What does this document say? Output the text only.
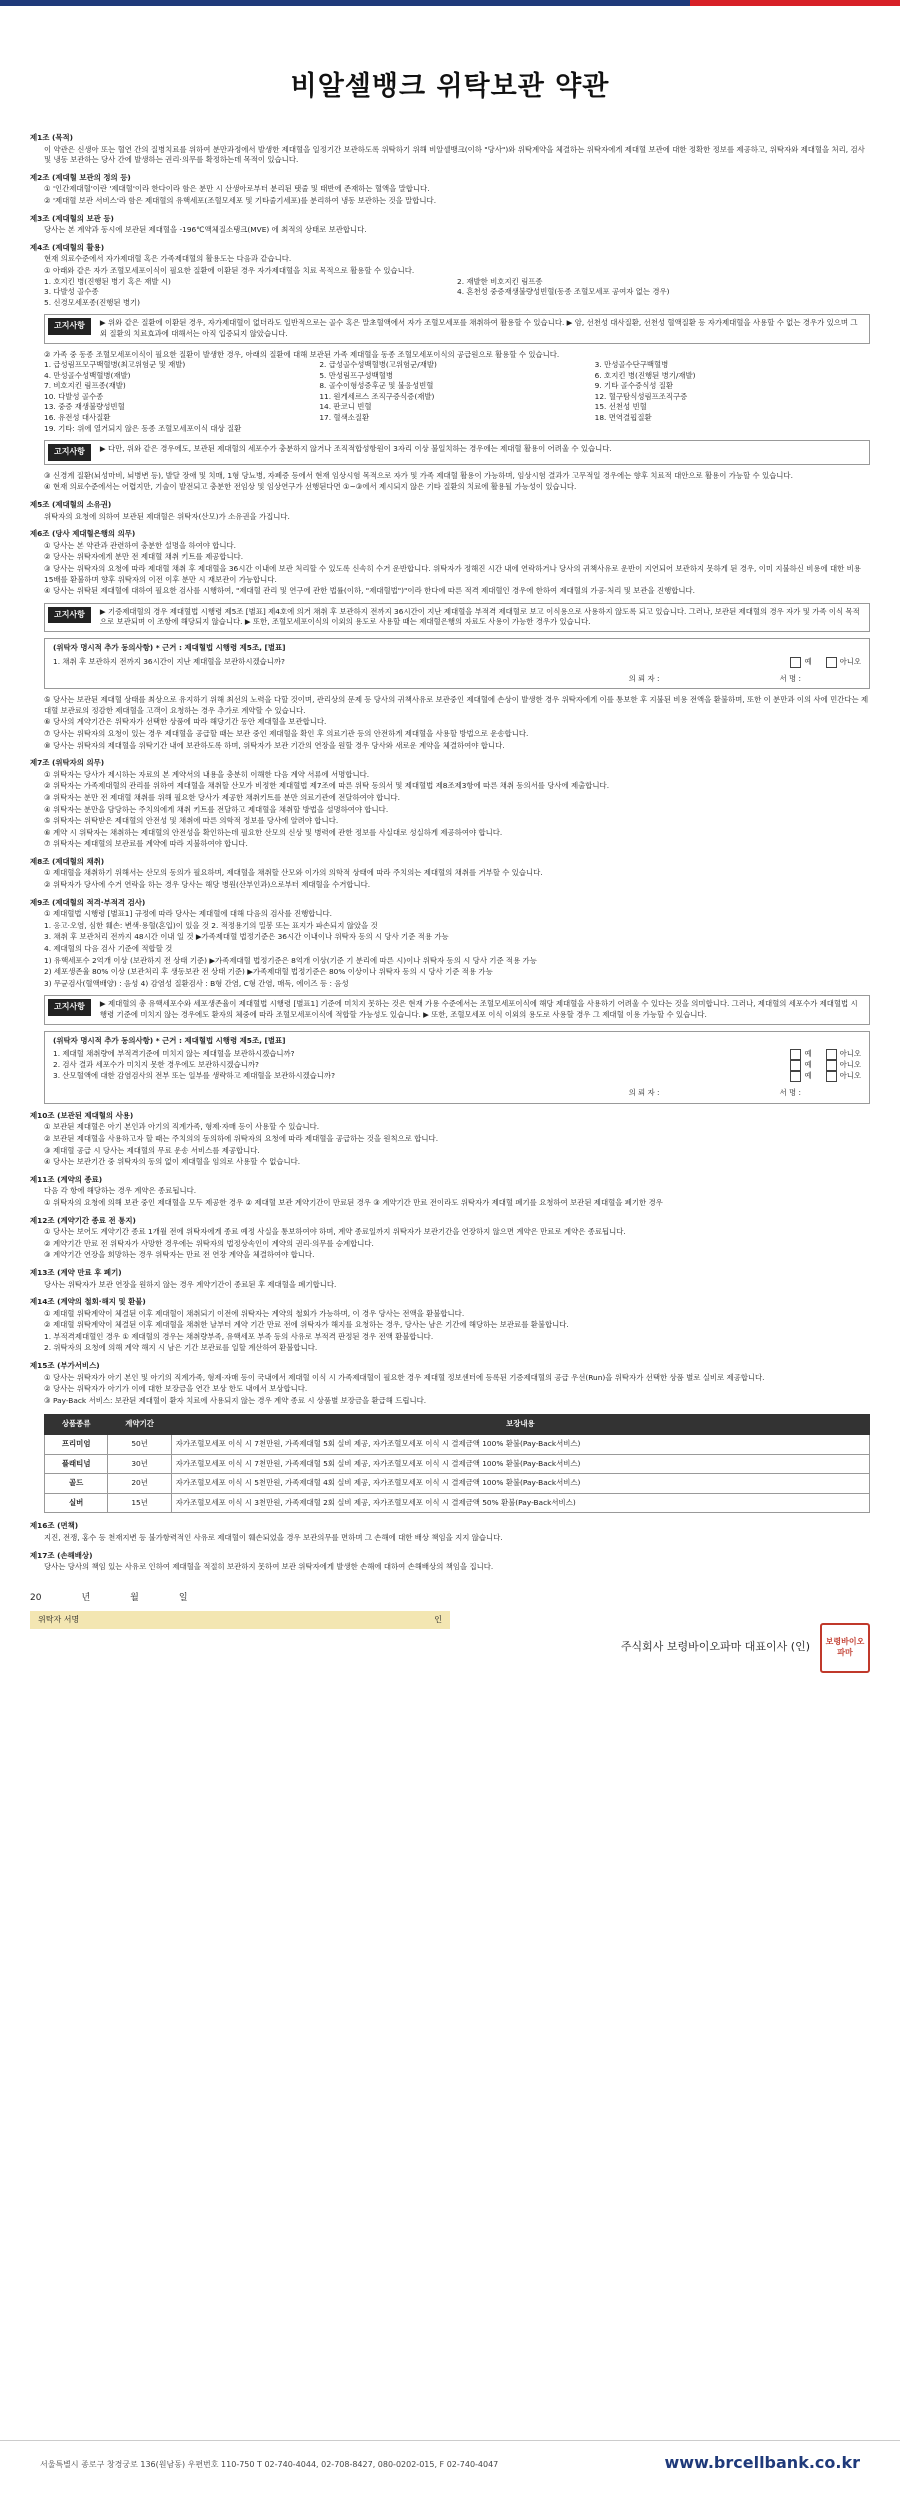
비알셀뱅크 위탁보관 약관
제1조 (목적)
이 약관은 신생아 또는 혈연 간의 질병치료를 위하여 분만과정에서 발생한 제대혈을 일정기간 보관하도록 위탁하기 위해 비알셀뱅크(이하 "당사")와 위탁계약을 체결하는 위탁자에게 제대혈 보관에 대한 정확한 정보를 제공하고, 위탁자와 제대혈을 처리, 검사 및 냉동 보관하는 당사 간에 발생하는 권리·의무를 확정하는데 목적이 있습니다.
제2조 (제대혈 보관의 정의 등)
① '인간제대혈'이란 '제대혈'이라 한다이라 함은 분만 시 산생아로부터 분리된 탯줄 및 태반에 존재하는 혈액을 말합니다.
② '제대혈 보관 서비스'라 함은 제대혈의 유핵세포(조혈모세포 및 기타줄기세포)를 분리하여 냉동 보관하는 것을 말합니다.
제3조 (제대혈의 보관 등)
당사는 본 계약과 동시에 보관된 제대혈을 -196℃액체질소탱크(MVE) 에 최적의 상태로 보관합니다.
제4조 (제대혈의 활용)
현재 의료수준에서 자가제대혈 혹은 가족제대혈의 활용도는 다음과 같습니다.
① 아래와 같은 자가 조혈모세포이식이 필요한 질환에 이환된 경우 자가제대혈을 치료 목적으로 활용할 수 있습니다.
1. 호지킨 병(진행된 병기 혹은 재발 시)	2. 재발한 비호지킨 림프종
3. 다발성 골수종	4. 혼천성 중증재생불량성빈혈(동종 조혈모세포 공여자 없는 경우)
5. 신경모세포종(진행된 병기)
고지사항	▶ 위와 같은 질환에 이환된 경우, 자가제대혈이 없더라도 일반적으로는 골수 혹은 말초혈액에서 자가 조혈모세포를 채취하여 활용할 수 있습니다. ▶ 암, 선천성 대사질환, 선천성 혈액질환 등 자가제대혈을 사용할 수 없는 경우가 있으며 그 외 질환의 치료효과에 대해서는 아직 입증되지 않았습니다.
② 가족 중 동종 조혈모세포이식이 필요한 질환이 발생한 경우, 아래의 질환에 대해 보관된 가족 제대혈을 동종 조혈모세포이식의 공급원으로 활용할 수 있습니다.
1. 급성림프모구백혈병(최고위험군 및 재발)	2. 급성골수성백혈병(고위험군/재발)	3. 만성골수단구백혈병
4. 만성골수성백혈병(재발)	5. 만성림프구성백혈병	6. 호지킨 병(진행된 병기/재발)
7. 비호지킨 림프종(재발)	8. 골수이형성증후군 및 불응성빈혈	9. 기타 골수증식성 질환
10. 다발성 골수종	11. 원게세르스 조직구증식증(재발)	12. 혈구탐식성림프조직구증
13. 중증 재생불량성빈혈	14. 판코니 빈혈	15. 선천성 빈혈
16. 유전성 대사질환	17. 혈색소질환	18. 면역결핍질환
19. 기타: 위에 열거되지 않은 동종 조혈모세포이식 대상 질환
고지사항	▶ 다만, 위와 같은 경우에도, 보관된 제대혈의 세포수가 충분하지 않거나 조직적합성항원이 3자리 이상 불일치하는 경우에는 제대혈 활용이 어려울 수 있습니다.
③ 신경계 질환(뇌성마비, 뇌병변 등), 발달 장애 및 치매, 1형 당뇨병, 자폐증 등에서 현재 임상시험 목적으로 자가 및 가족 제대혈 활용이 가능하며, 임상시험 결과가 고무적일 경우에는 향후 치료적 대안으로 활용이 가능할 수 있습니다.
④ 현재 의료수준에서는 어렵지만, 기술이 발전되고 충분한 전임상 및 임상연구가 선행된다면 ①~③에서 제시되지 않은 기타 질환의 치료에 활용될 가능성이 있습니다.
제5조 (제대혈의 소유권)
위탁자의 요청에 의하여 보관된 제대혈은 위탁자(산모)가 소유권을 가집니다.
제6조 (당사 제대혈은행의 의무)
① 당사는 본 약관과 관련하여 충분한 설명을 하여야 합니다.
② 당사는 위탁자에게 분만 전 제대혈 채취 키트를 제공합니다.
③ 당사는 위탁자의 요청에 따라 제대혈 채취 후 제대혈을 36시간 이내에 보관 처리할 수 있도록 신속히 수거 운반합니다. 위탁자가 정해진 시간 내에 연락하거나 당사의 귀책사유로 운반이 지연되어 보관하지 못하게 된 경우, 이미 지불하신 비용에 대한 비용 15배를 환불하며 향후 위탁자의 이전 이후 분만 시 재보관이 가능합니다.
④ 당사는 위탁된 제대혈에 대하여 필요한 검사를 시행하여, "제대혈 관리 및 연구에 관한 법률(이하, "제대혈법")"이라 한다에 따른 적격 제대혈인 경우에 한하여 제대혈의 가공·처리 및 보관을 진행합니다.
고지사항	▶ 기증제대혈의 경우 제대혈법 시행령 제5조 [별표] 제4호에 의거 채취 후 보관하지 전까지 36시간이 지난 제대혈을 부적격 제대혈로 보고 이식용으로 사용하지 않도록 되고 있습니다. 그러나, 보관된 제대혈의 경우 자가 및 가족 이식 목적으로 보관되며 이 조항에 해당되지 않습니다. ▶ 또한, 조혈모세포이식의 이외의 용도로 사용할 때는 제대혈은행의 자료도 사용이 가능한 경우가 있습니다.
(위탁자 명시적 추가 동의사항) * 근거 : 제대혈법 시행령 제5조, [별표]
1. 채취 후 보관하지 전까지 36시간이 지난 제대혈을 보관하시겠습니까?	예	아니오
의 뢰 자 :	서 명 :
⑤ 당사는 보관된 제대혈 상태를 최상으로 유지하기 위해 최선의 노력을 다할 것이며, 관리상의 문제 등 당사의 귀책사유로 보관중인 제대혈에 손상이 발생한 경우 위탁자에게 이를 통보한 후 지불된 비용 전액을 환불하며, 또한 이 분만과 이의 사에 민간다는 제대혈 보관료의 정감한 제대혈을 고객이 요청하는 경우 추가로 계약할 수 있습니다.
⑥ 당사의 계약기간은 위탁자가 선택한 상품에 따라 해당기간 동안 제대혈을 보관합니다.
⑦ 당사는 위탁자의 요청이 있는 경우 제대혈을 공급할 때는 보관 중인 제대혈을 확인 후 의료기관 등의 안전하게 제대혈을 사용할 방법으로 운송합니다.
⑧ 당사는 위탁자의 제대혈을 위탁기간 내에 보관하도록 하며, 위탁자가 보관 기간의 연장을 원할 경우 당사와 새로운 계약을 체결하여야 합니다.
제7조 (위탁자의 의무)
① 위탁자는 당사가 제시하는 자료의 본 계약서의 내용을 충분히 이해한 다음 계약 서류에 서명합니다.
② 위탁자는 가족제대혈의 관리를 위하여 제대혈을 채취할 산모가 비정한 제대혈법 제7조에 따른 위탁 동의서 및 제대혈법 제8조제3항에 따른 채취 동의서를 당사에 제출합니다.
③ 위탁자는 분만 전 제대혈 채취를 위해 필요한 당사가 제공한 채취키트를 분만 의료기관에 전달하여야 합니다.
④ 위탁자는 분만을 담당하는 주치의에게 채취 키트를 전달하고 제대혈을 채취할 방법을 설명하여야 합니다.
⑤ 위탁자는 위탁받은 제대혈의 안전성 및 채취에 따른 의학적 정보를 당사에 알려야 합니다.
⑥ 계약 시 위탁자는 채취하는 제대혈의 안전성을 확인하는데 필요한 산모의 신상 및 병력에 관한 정보를 사실대로 성실하게 제공하여야 합니다.
⑦ 위탁자는 제대혈의 보관료를 계약에 따라 지불하여야 합니다.
제8조 (제대혈의 채취)
① 제대혈을 채취하기 위해서는 산모의 동의가 필요하며, 제대혈을 채취할 산모와 이가의 의학적 상태에 따라 주치의는 제대혈의 채취를 거부할 수 있습니다.
② 위탁자가 당사에 수거 연락을 하는 경우 당사는 해당 병원(산부인과)으로부터 제대혈을 수거합니다.
제9조 (제대혈의 적격·부적격 검사)
① 제대혈법 시행령 [별표1] 규정에 따라 당사는 제대혈에 대해 다음의 검사를 진행합니다.
1. 응고·오염, 심한 훼손: 변색·용혈(혼입)이 있을 것 2. 적정용기의 밀봉 또는 표지가 파손되지 않았을 것
3. 채취 후 보관처리 전까지 48시간 이내 일 것 ▶가족제대혈 법정기준은 36시간 이내이나 위탁자 동의 시 당사 기준 적용 가능
4. 제대혈의 다음 검사 기준에 적합할 것
1) 유핵세포수 2억개 이상 (보관하지 전 상태 기준) ▶가족제대혈 법정기준은 8억개 이상(기준 기 분리에 따른 시)이나 위탁자 동의 시 당사 기준 적용 가능
2) 세포생존율 80% 이상 (보관처리 후 생동보관 전 상태 기준) ▶가족제대혈 법정기준은 80% 이상이나 위탁자 동의 시 당사 기준 적용 가능
3) 무균검사(혈액배양) : 음성 4) 감염성 질환검사 : B형 간염, C형 간염, 매독, 에이즈 등 : 음성
고지사항	▶ 제대혈의 총 유핵세포수와 세포생존율이 제대혈법 시행령 [별표1] 기준에 미치지 못하는 것은 현재 가용 수준에서는 조혈모세포이식에 해당 제대혈을 사용하기 어려울 수 있다는 것을 의미합니다. 그러나, 제대혈의 세포수가 제대혈법 시행령 기준에 미치지 않는 경우에도 환자의 체중에 따라 조혈모세포이식에 적합할 가능성도 있습니다. ▶ 또한, 조혈모세포 이식 이외의 용도로 사용할 경우 그 제대혈 이용 가능할 수 있습니다.
(위탁자 명시적 추가 동의사항) * 근거 : 제대혈법 시행령 제5조, [별표]
1. 제대혈 채취량에 부적격기준에 미치지 않는 제대혈을 보관하시겠습니까?	예	아니오
2. 검사 결과 세포수가 미치지 못한 경우에도 보관하시겠습니까?	예	아니오
3. 산모혈액에 대한 감염검사의 전부 또는 일부를 생략하고 제대혈을 보관하시겠습니까?	예	아니오
의 뢰 자 :	서 명 :
제10조 (보관된 제대혈의 사용)
① 보관된 제대혈은 아기 본인과 아기의 직계가족, 형제·자매 등이 사용할 수 있습니다.
② 보관된 제대혈을 사용하고자 할 때는 주치의의 동의하에 위탁자의 요청에 따라 제대혈을 공급하는 것을 원칙으로 합니다.
③ 제대혈 공급 시 당사는 제대혈의 무료 운송 서비스를 제공합니다.
④ 당사는 보관기간 중 위탁자의 동의 없이 제대혈을 임의로 사용할 수 없습니다.
제11조 (계약의 종료)
다음 각 항에 해당하는 경우 계약은 종료됩니다.
① 위탁자의 요청에 의해 보관 중인 제대혈을 모두 제공한 경우 ② 제대혈 보관 계약기간이 만료된 경우 ③ 계약기간 만료 전이라도 위탁자가 제대혈 폐기를 요청하여 보관된 제대혈을 폐기한 경우
제12조 (계약기간 종료 전 통지)
① 당사는 보어도 계약기간 종료 1개월 전에 위탁자에게 종료 예정 사실을 통보하여야 하며, 계약 종료일까지 위탁자가 보관기간을 연장하지 않으면 계약은 만료로 계약은 종료됩니다.
② 계약기간 만료 전 위탁자가 사망한 경우에는 위탁자의 법정상속인이 계약의 권리·의무를 승계합니다.
③ 계약기간 연장을 희망하는 경우 위탁자는 만료 전 연장 계약을 체결하여야 합니다.
제13조 (계약 만료 후 폐기)
당사는 위탁자가 보관 연장을 원하지 않는 경우 계약기간이 종료된 후 제대혈을 폐기합니다.
제14조 (계약의 철회·해지 및 환불)
① 제대혈 위탁계약이 체결된 이후 제대혈이 채취되기 이전에 위탁자는 계약의 철회가 가능하며, 이 경우 당사는 전액을 환불합니다.
② 제대혈 위탁계약이 체결된 이후 제대혈을 채취한 날부터 계약 기간 만료 전에 위탁자가 해지를 요청하는 경우, 당사는 남은 기간에 해당하는 보관료를 환불합니다.
1. 부적격제대혈인 경우 ① 제대혈의 경우는 채취량부족, 유핵세포 부족 등의 사유로 부적격 판정된 경우 전액 환불합니다.
2. 위탁자의 요청에 의해 계약 해지 시 남은 기간 보관료를 일할 계산하여 환불합니다.
제15조 (부가서비스)
① 당사는 위탁자가 아기 본인 및 아기의 직계가족, 형제·자매 등이 국내에서 제대혈 이식 시 가족제대혈이 필요한 경우 제대혈 정보센터에 등록된 기증제대혈의 공급 우선(Run)을 위탁자가 선택한 상품 별로 실비로 제공합니다.
② 당사는 위탁자가 아기가 이에 대한 보장금을 연간 보상 한도 내에서 보상합니다.
③ Pay-Back 서비스: 보관된 제대혈이 환자 치료에 사용되지 않는 경우 계약 종료 시 상품별 보장금을 환급해 드립니다.
상품종류	계약기간	보장내용
프리미엄	50년	자가조혈모세포 이식 시 7천만원, 가족제대혈 5회 실비 제공, 자가조혈모세포 이식 시 결제금액 100% 환불(Pay-Back서비스)
플래티넘	30년	자가조혈모세포 이식 시 7천만원, 가족제대혈 5회 실비 제공, 자가조혈모세포 이식 시 결제금액 100% 환불(Pay-Back서비스)
골드	20년	자가조혈모세포 이식 시 5천만원, 가족제대혈 4회 실비 제공, 자가조혈모세포 이식 시 결제금액 100% 환불(Pay-Back서비스)
실버	15년	자가조혈모세포 이식 시 3천만원, 가족제대혈 2회 실비 제공, 자가조혈모세포 이식 시 결제금액 50% 환불(Pay-Back서비스)
제16조 (면책)
지진, 전쟁, 홍수 등 천재지변 등 불가항력적인 사유로 제대혈이 훼손되었을 경우 보관의무를 면하며 그 손해에 대한 배상 책임을 지지 않습니다.
제17조 (손해배상)
당사는 당사의 책임 있는 사유로 인하여 제대혈을 적절히 보관하지 못하여 보관 위탁자에게 발생한 손해에 대하여 손해배상의 책임을 집니다.
20	년	월	일
위탁자 서명	인
주식회사 보령바이오파마 대표이사 (인)	보령바이오파마
서울특별시 종로구 창경궁로 136(원남동) 우편번호 110-750 T 02-740-4044, 02-708-8427, 080-0202-015, F 02-740-4047	www.brcellbank.co.kr
